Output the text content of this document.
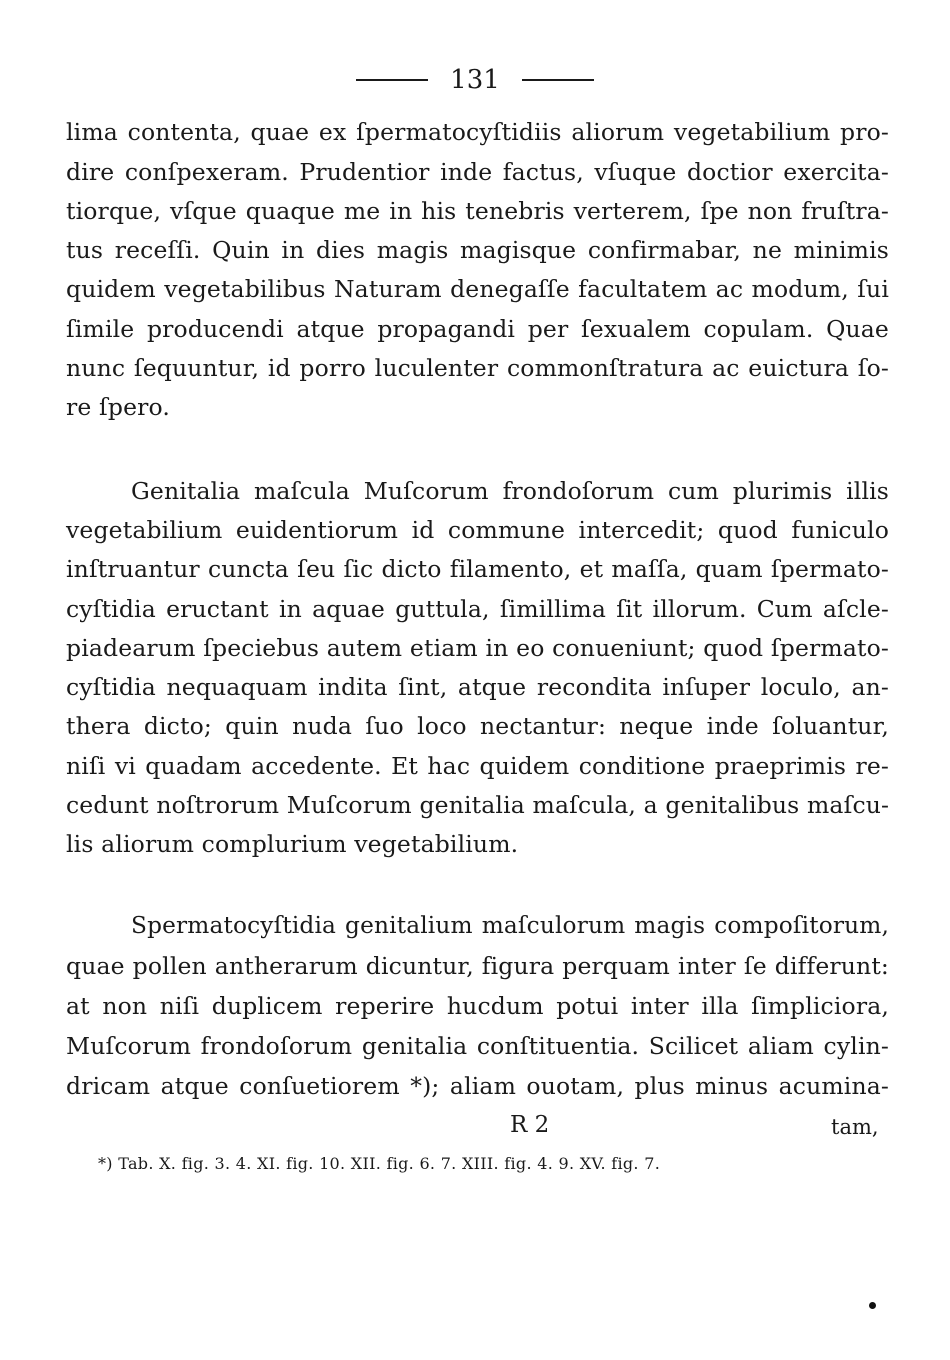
131
lima contenta, quae ex ſpermatocyſtidiis aliorum vegetabilium pro-
dire conſpexeram. Prudentior inde factus, vſuque doctior exercita-
tiorque, vſque quaque me in his tenebris verterem, ſpe non fruſtra-
tus receſſi. Quin in dies magis magisque confirmabar, ne minimis
quidem vegetabilibus Naturam denegaſſe facultatem ac modum, ſui
ſimile producendi atque propagandi per ſexualem copulam. Quae
nunc ſequuntur, id porro luculenter commonſtratura ac euictura ſo-
re ſpero.
Genitalia maſcula Muſcorum frondoſorum cum plurimis illis
vegetabilium euidentiorum id commune intercedit; quod funiculo
inſtruantur cuncta ſeu ſic dicto filamento, et maſſa, quam ſpermato-
cyſtidia eructant in aquae guttula, ſimillima ſit illorum. Cum aſcle-
piadearum ſpeciebus autem etiam in eo conueniunt; quod ſpermato-
cyſtidia nequaquam indita ſint, atque recondita inſuper loculo, an-
thera dicto; quin nuda ſuo loco nectantur: neque inde ſoluantur,
niſi vi quadam accedente. Et hac quidem conditione praeprimis re-
cedunt noſtrorum Muſcorum genitalia maſcula, a genitalibus maſcu-
lis aliorum complurium vegetabilium.
Spermatocyſtidia genitalium maſculorum magis compoſitorum,
quae pollen antherarum dicuntur, figura perquam inter ſe differunt:
at non niſi duplicem reperire hucdum potui inter illa ſimpliciora,
Muſcorum frondoſorum genitalia conſtituentia. Scilicet aliam cylin-
dricam atque conſuetiorem *); aliam ouotam, plus minus acumina-
R 2	tam,
*) Tab. X. fig. 3. 4. XI. fig. 10. XII. fig. 6. 7. XIII. fig. 4. 9. XV. fig. 7.
